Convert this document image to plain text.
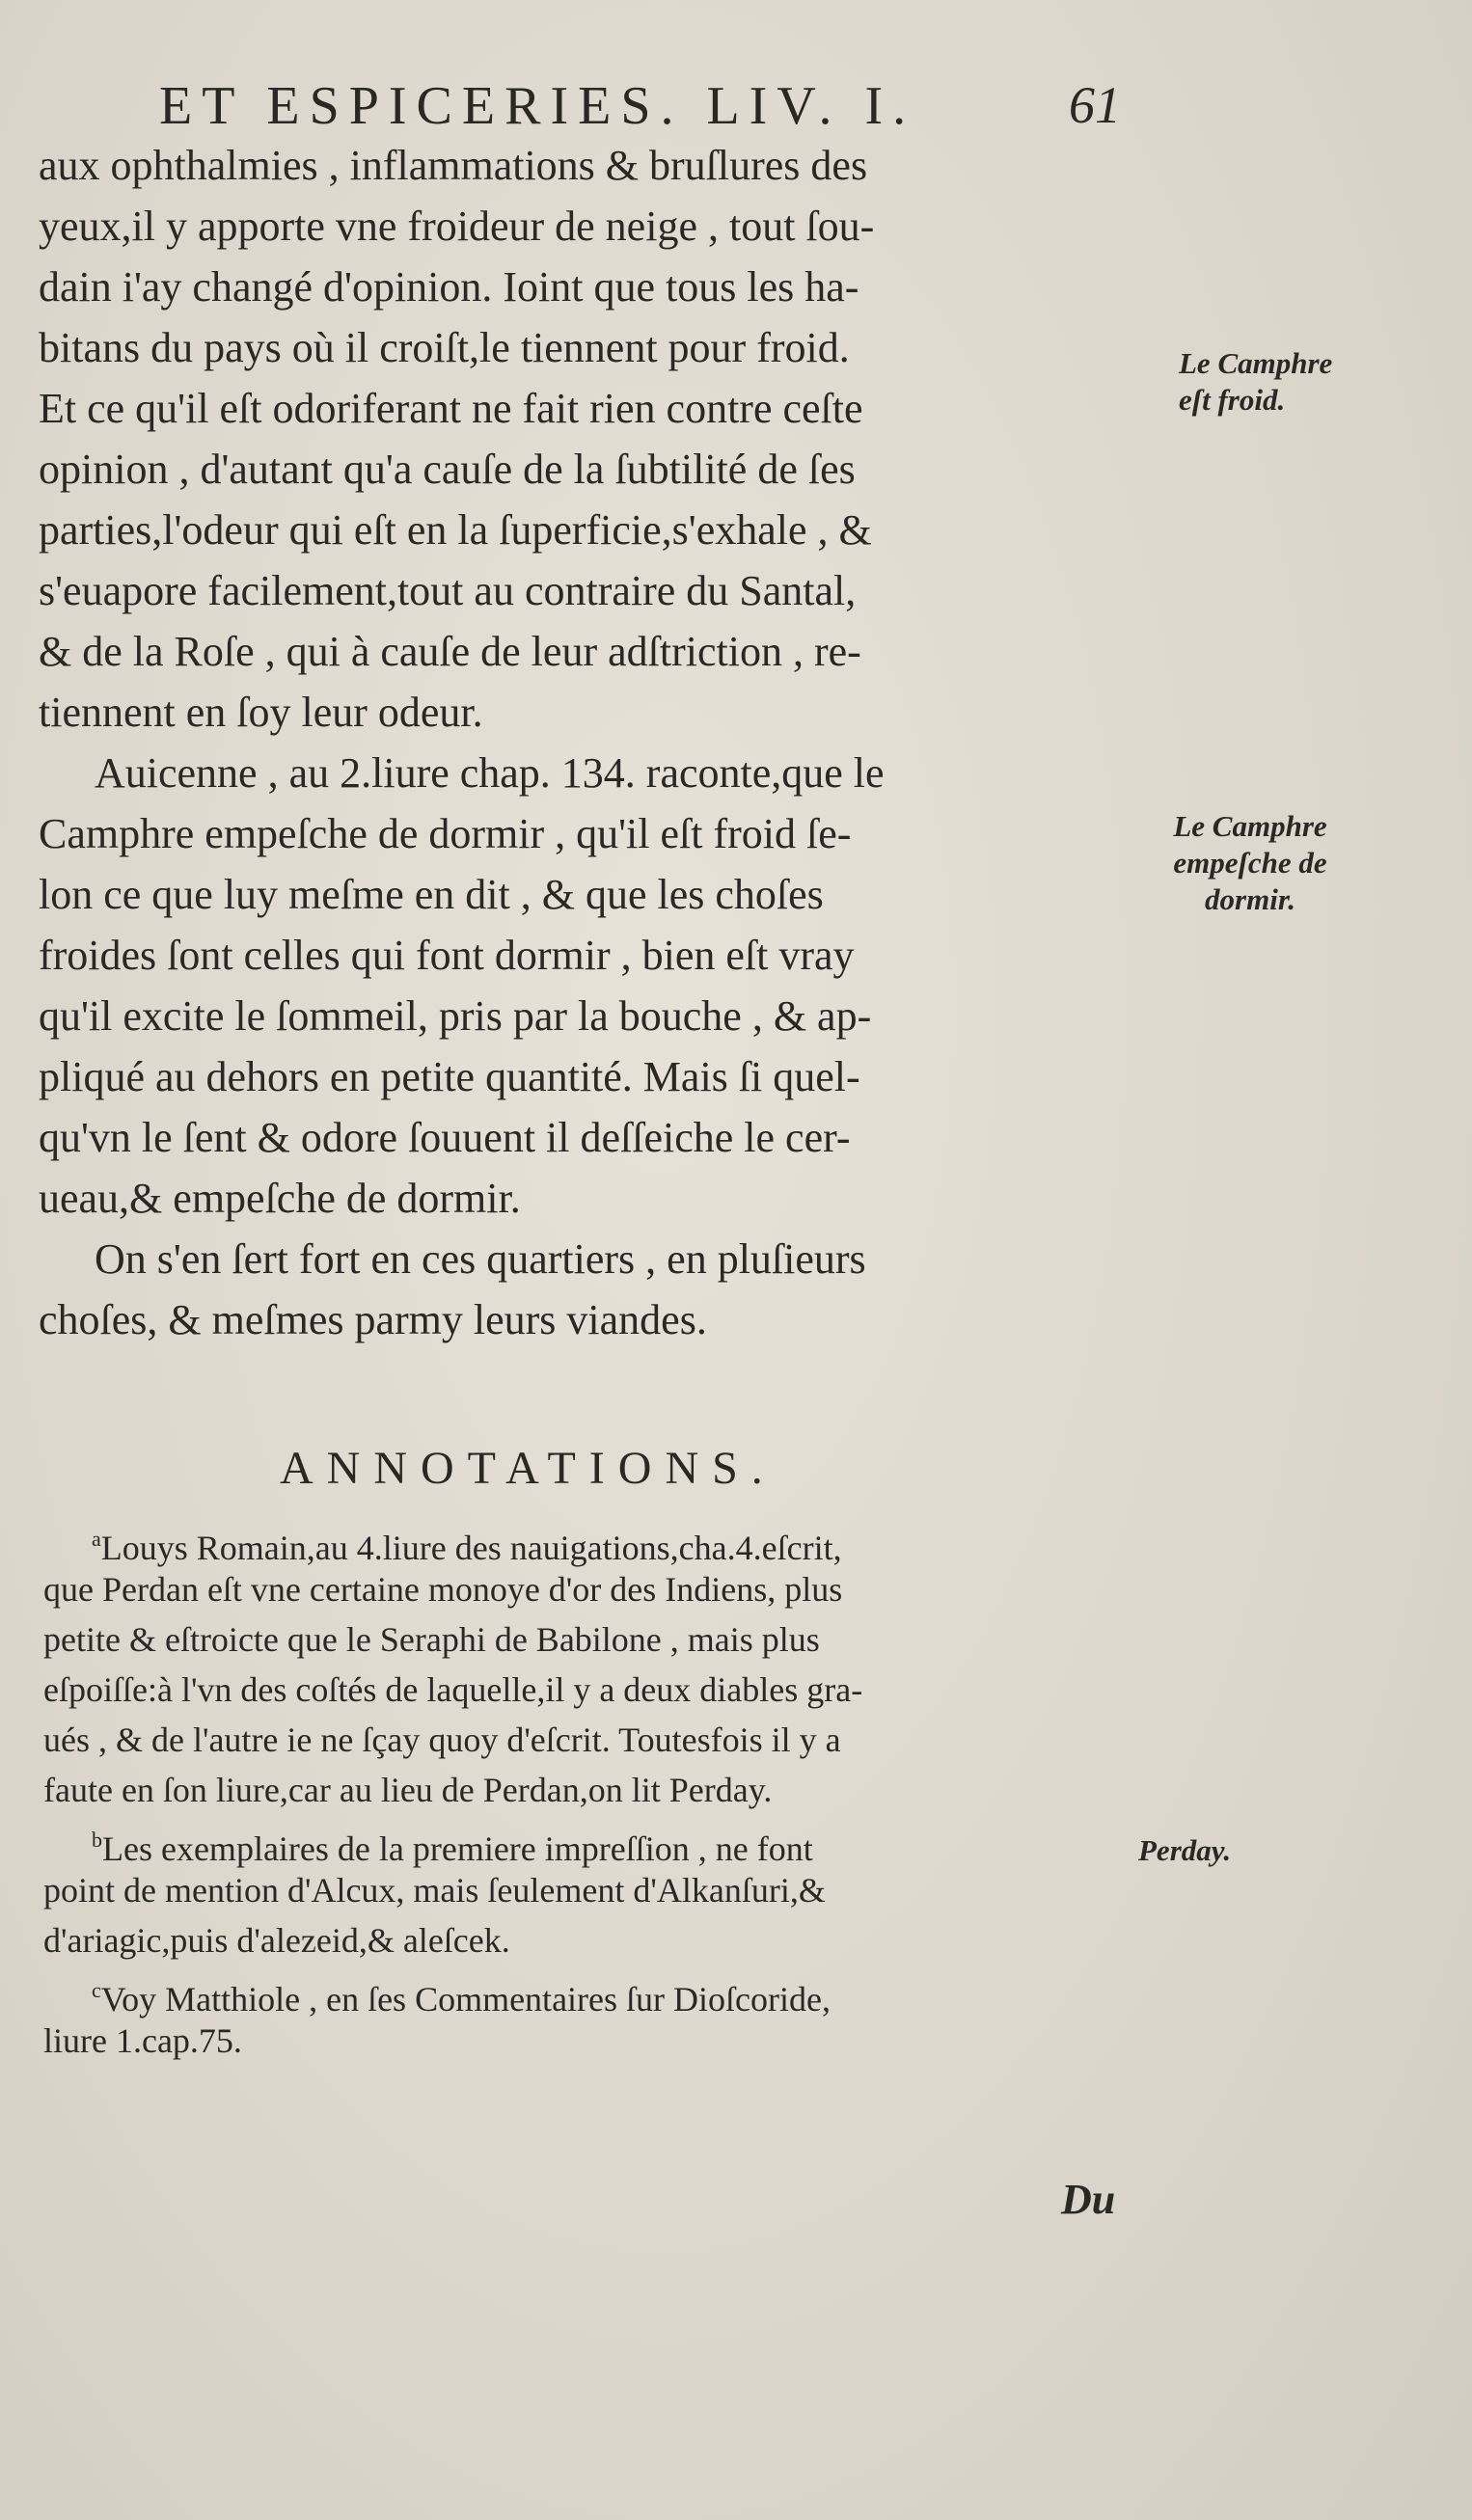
ET ESPICERIES. LIV. I.	61
aux ophthalmies , inflammations & bruſlures des
yeux,il y apporte vne froideur de neige , tout ſou-
dain i'ay changé d'opinion. Ioint que tous les ha-
bitans du pays où il croiſt,le tiennent pour froid.
Et ce qu'il eſt odoriferant ne fait rien contre ceſte
opinion , d'autant qu'a cauſe de la ſubtilité de ſes
parties,l'odeur qui eſt en la ſuperficie,s'exhale , &
s'euapore facilement,tout au contraire du Santal,
& de la Roſe , qui à cauſe de leur adſtriction , re-
tiennent en ſoy leur odeur.
Auicenne , au 2.liure chap. 134. raconte,que le
Camphre empeſche de dormir , qu'il eſt froid ſe-
lon ce que luy meſme en dit , & que les choſes
froides ſont celles qui font dormir , bien eſt vray
qu'il excite le ſommeil, pris par la bouche , & ap-
pliqué au dehors en petite quantité. Mais ſi quel-
qu'vn le ſent & odore ſouuent il deſſeiche le cer-
ueau,& empeſche de dormir.
On s'en ſert fort en ces quartiers , en pluſieurs
choſes, & meſmes parmy leurs viandes.
Le Camphre
eſt froid.
Le Camphre
empeſche de
dormir.
Perday.
ANNOTATIONS.
$^a$Louys Romain,au 4.liure des nauigations,cha.4.eſcrit,
que Perdan eſt vne certaine monoye d'or des Indiens, plus
petite & eſtroicte que le Seraphi de Babilone , mais plus
eſpoiſſe:à l'vn des coſtés de laquelle,il y a deux diables gra-
ués , & de l'autre ie ne ſçay quoy d'eſcrit. Toutesfois il y a
faute en ſon liure,car au lieu de Perdan,on lit Perday.
$^b$Les exemplaires de la premiere impreſſion , ne font
point de mention d'Alcux, mais ſeulement d'Alkanſuri,&
d'ariagic,puis d'alezeid,& aleſcek.
$^c$Voy Matthiole , en ſes Commentaires ſur Dioſcoride,
liure 1.cap.75.
Du
